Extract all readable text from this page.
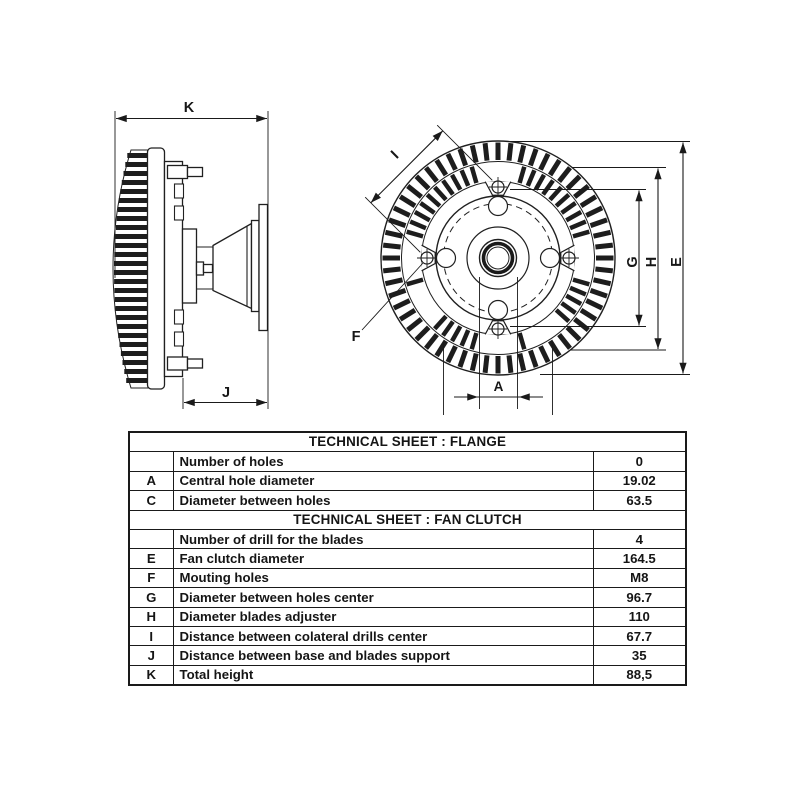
K
J
E
H
G
A
I
F
TECHNICAL SHEET : FLANGE		
	Number of holes	0
A	Central hole diameter	19.02
C	Diameter between holes	63.5
TECHNICAL SHEET : FAN CLUTCH		
	Number of drill for the blades	4
E	Fan clutch diameter	164.5
F	Mouting holes	M8
G	Diameter between holes center	96.7
H	Diameter blades adjuster	110
I	Distance between colateral drills center	67.7
J	Distance between base and blades support	35
K	Total height	88,5
